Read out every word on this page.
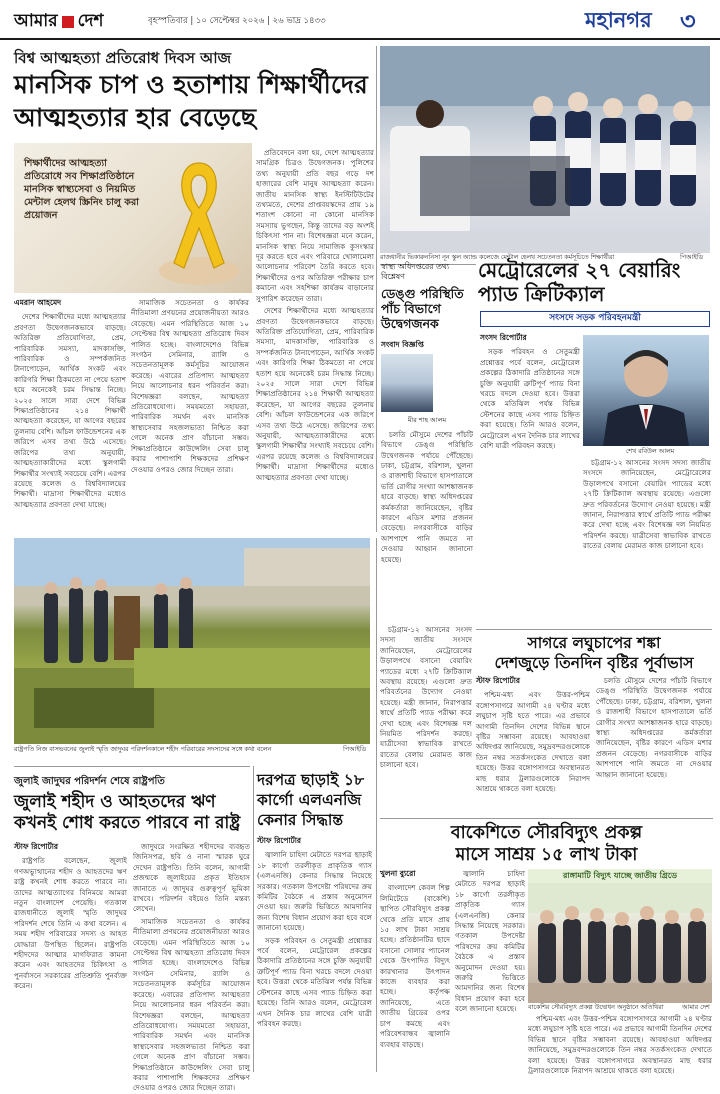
আমার দেশ	বৃহস্পতিবার | ১০ সেপ্টেম্বর ২০২৬ | ২৬ ভাদ্র ১৪৩৩	মহানগর ৩
বিশ্ব আত্মহত্যা প্রতিরোধ দিবস আজ
মানসিক চাপ ও হতাশায় শিক্ষার্থীদের
আত্মহত্যার হার বেড়েছে
শিক্ষার্থীদের আত্মহত্যা প্রতিরোধে সব শিক্ষাপ্রতিষ্ঠানে মানসিক স্বাস্থ্যসেবা ও নিয়মিত মেন্টাল হেলথ স্ক্রিনিং চালু করা প্রয়োজন
এমরান আহমেদ

দেশের শিক্ষার্থীদের মধ্যে আত্মহত্যার প্রবণতা উদ্বেগজনকভাবে বাড়ছে। অতিরিক্ত প্রতিযোগিতা, প্রেম, পারিবারিক সমস্যা, মাদকাসক্তি, পারিবারিক ও সম্পর্কজনিত টানাপোড়েন, আর্থিক সংকট এবং কারিগরি শিক্ষা ঠিকমতো না পেয়ে হতাশ হয়ে অনেকেই চরম সিদ্ধান্ত নিচ্ছে। ২০২৫ সালে সারা দেশে বিভিন্ন শিক্ষাপ্রতিষ্ঠানের ২১৪ শিক্ষার্থী আত্মহত্যা করেছেন, যা আগের বছরের তুলনায় বেশি। আঁচল ফাউন্ডেশনের এক জরিপে এসব তথ্য উঠে এসেছে। জরিপের তথ্য অনুযায়ী, আত্মহত্যাকারীদের মধ্যে স্কুলগামী শিক্ষার্থীর সংখ্যাই সবচেয়ে বেশি। এরপর রয়েছে কলেজ ও বিশ্ববিদ্যালয়ের শিক্ষার্থী। মাদ্রাসা শিক্ষার্থীদের মধ্যেও আত্মহত্যার প্রবণতা দেখা যাচ্ছে।

সামাজিক সচেতনতা ও কার্যকর নীতিমালা প্রণয়নের প্রয়োজনীয়তা আরও বেড়েছে। এমন পরিস্থিতিতে আজ ১০ সেপ্টেম্বর বিশ্ব আত্মহত্যা প্রতিরোধ দিবস পালিত হচ্ছে। বাংলাদেশেও বিভিন্ন সংগঠন সেমিনার, র‌্যালি ও সচেতনতামূলক কর্মসূচির আয়োজন করেছে। এবারের প্রতিপাদ্য আত্মহত্যা নিয়ে আলোচনার ধরন পরিবর্তন করা। বিশেষজ্ঞরা বলছেন, আত্মহত্যা প্রতিরোধযোগ্য। সময়মতো সহায়তা, পারিবারিক সমর্থন এবং মানসিক স্বাস্থ্যসেবার সহজলভ্যতা নিশ্চিত করা গেলে অনেক প্রাণ বাঁচানো সম্ভব। শিক্ষাপ্রতিষ্ঠানে কাউন্সেলিং সেবা চালু করার পাশাপাশি শিক্ষকদের প্রশিক্ষণ দেওয়ার ওপরও জোর দিচ্ছেন তারা।

প্রতিবেদনে বলা হয়, দেশে আত্মহত্যার সামগ্রিক চিত্রও উদ্বেগজনক। পুলিশের তথ্য অনুযায়ী প্রতি বছর গড়ে দশ হাজারের বেশি মানুষ আত্মহত্যা করেন। জাতীয় মানসিক স্বাস্থ্য ইনস্টিটিউটের তথ্যমতে, দেশের প্রাপ্তবয়স্কদের প্রায় ১৯ শতাংশ কোনো না কোনো মানসিক সমস্যায় ভুগছেন, কিন্তু তাদের বড় অংশই চিকিৎসা পান না। বিশেষজ্ঞরা মনে করেন, মানসিক স্বাস্থ্য নিয়ে সামাজিক কুসংস্কার দূর করতে হবে এবং পরিবারে খোলামেলা আলোচনার পরিবেশ তৈরি করতে হবে। শিক্ষার্থীদের ওপর অতিরিক্ত পরীক্ষার চাপ কমানো এবং সহশিক্ষা কার্যক্রম বাড়ানোর সুপারিশ করেছেন তারা।

দেশের শিক্ষার্থীদের মধ্যে আত্মহত্যার প্রবণতা উদ্বেগজনকভাবে বাড়ছে। অতিরিক্ত প্রতিযোগিতা, প্রেম, পারিবারিক সমস্যা, মাদকাসক্তি, পারিবারিক ও সম্পর্কজনিত টানাপোড়েন, আর্থিক সংকট এবং কারিগরি শিক্ষা ঠিকমতো না পেয়ে হতাশ হয়ে অনেকেই চরম সিদ্ধান্ত নিচ্ছে। ২০২৫ সালে সারা দেশে বিভিন্ন শিক্ষাপ্রতিষ্ঠানের ২১৪ শিক্ষার্থী আত্মহত্যা করেছেন, যা আগের বছরের তুলনায় বেশি। আঁচল ফাউন্ডেশনের এক জরিপে এসব তথ্য উঠে এসেছে। জরিপের তথ্য অনুযায়ী, আত্মহত্যাকারীদের মধ্যে স্কুলগামী শিক্ষার্থীর সংখ্যাই সবচেয়ে বেশি। এরপর রয়েছে কলেজ ও বিশ্ববিদ্যালয়ের শিক্ষার্থী। মাদ্রাসা শিক্ষার্থীদের মধ্যেও আত্মহত্যার প্রবণতা দেখা যাচ্ছে।

রাজধানীর ভিকারুননিসা নূন স্কুল অ্যান্ড কলেজে মেন্টাল হেলথ সচেতনতা কর্মসূচিতে শিক্ষার্থীরা	পিআইডি
স্বাস্থ্য অধিদপ্তরের তথ্য বিশ্লেষণ
ডেঙ্গু পরিস্থিতি পাঁচ বিভাগে উদ্বেগজনক
সংবাদ বিজ্ঞপ্তি
মীর শাহ আলম

চলতি মৌসুমে দেশের পাঁচটি বিভাগে ডেঙ্গু পরিস্থিতি উদ্বেগজনক পর্যায়ে পৌঁছেছে। ঢাকা, চট্টগ্রাম, বরিশাল, খুলনা ও রাজশাহী বিভাগে হাসপাতালে ভর্তি রোগীর সংখ্যা আশঙ্কাজনক হারে বাড়ছে। স্বাস্থ্য অধিদপ্তরের কর্মকর্তারা জানিয়েছেন, বৃষ্টির কারণে এডিস মশার প্রজনন বেড়েছে। নগরবাসীকে বাড়ির আশপাশে পানি জমতে না দেওয়ার আহ্বান জানানো হয়েছে।

মেট্রোরেলের ২৭ বেয়ারিং প্যাড ক্রিটিক্যাল
সংসদে সড়ক পরিবহনমন্ত্রী
সংসদ রিপোর্টার

সড়ক পরিবহন ও সেতুমন্ত্রী প্রশ্নোত্তর পর্বে বলেন, মেট্রোরেল প্রকল্পের ঠিকাদারি প্রতিষ্ঠানের সঙ্গে চুক্তি অনুযায়ী ত্রুটিপূর্ণ প্যাড বিনা খরচে বদলে দেওয়া হবে। উত্তরা থেকে মতিঝিল পর্যন্ত বিভিন্ন স্টেশনের কাছে এসব প্যাড চিহ্নিত করা হয়েছে। তিনি আরও বলেন, মেট্রোরেল এখন দৈনিক চার লাখের বেশি যাত্রী পরিবহন করছে।

শেখ রবিউল আলম

চট্টগ্রাম-১২ আসনের সংসদ সদস্য জাতীয় সংসদে জানিয়েছেন, মেট্রোরেলের উড়ালপথে বসানো বেয়ারিং প্যাডের মধ্যে ২৭টি ক্রিটিক্যাল অবস্থায় রয়েছে। এগুলো দ্রুত পরিবর্তনের উদ্যোগ নেওয়া হয়েছে। মন্ত্রী জানান, নিরাপত্তার স্বার্থে প্রতিটি প্যাড পরীক্ষা করে দেখা হচ্ছে এবং বিশেষজ্ঞ দল নিয়মিত পরিদর্শন করছে। যাত্রীসেবা স্বাভাবিক রাখতে রাতের বেলায় মেরামত কাজ চালানো হবে।

সাগরে লঘুচাপের শঙ্কা
দেশজুড়ে তিনদিন বৃষ্টির পূর্বাভাস
স্টাফ রিপোর্টার

পশ্চিম-মধ্য এবং উত্তর-পশ্চিম বঙ্গোপসাগরে আগামী ২৪ ঘণ্টার মধ্যে লঘুচাপ সৃষ্টি হতে পারে। এর প্রভাবে আগামী তিনদিন দেশের বিভিন্ন স্থানে বৃষ্টির সম্ভাবনা রয়েছে। আবহাওয়া অধিদপ্তর জানিয়েছে, সমুদ্রবন্দরগুলোকে তিন নম্বর সতর্কসংকেত দেখাতে বলা হয়েছে। উত্তর বঙ্গোপসাগরে অবস্থানরত মাছ ধরার ট্রলারগুলোকে নিরাপদ আশ্রয়ে থাকতে বলা হয়েছে।

চলতি মৌসুমে দেশের পাঁচটি বিভাগে ডেঙ্গু পরিস্থিতি উদ্বেগজনক পর্যায়ে পৌঁছেছে। ঢাকা, চট্টগ্রাম, বরিশাল, খুলনা ও রাজশাহী বিভাগে হাসপাতালে ভর্তি রোগীর সংখ্যা আশঙ্কাজনক হারে বাড়ছে। স্বাস্থ্য অধিদপ্তরের কর্মকর্তারা জানিয়েছেন, বৃষ্টির কারণে এডিস মশার প্রজনন বেড়েছে। নগরবাসীকে বাড়ির আশপাশে পানি জমতে না দেওয়ার আহ্বান জানানো হয়েছে।

চট্টগ্রাম-১২ আসনের সংসদ সদস্য জাতীয় সংসদে জানিয়েছেন, মেট্রোরেলের উড়ালপথে বসানো বেয়ারিং প্যাডের মধ্যে ২৭টি ক্রিটিক্যাল অবস্থায় রয়েছে। এগুলো দ্রুত পরিবর্তনের উদ্যোগ নেওয়া হয়েছে। মন্ত্রী জানান, নিরাপত্তার স্বার্থে প্রতিটি প্যাড পরীক্ষা করে দেখা হচ্ছে এবং বিশেষজ্ঞ দল নিয়মিত পরিদর্শন করছে। যাত্রীসেবা স্বাভাবিক রাখতে রাতের বেলায় মেরামত কাজ চালানো হবে।

রাষ্ট্রপতি নিজ বাসভবনের জুলাই স্মৃতি জাদুঘর পরিদর্শনকালে শহীদ পরিবারের সদস্যদের সঙ্গে কথা বলেন	পিআইডি
জুলাই জাদুঘর পরিদর্শন শেষে রাষ্ট্রপতি
জুলাই শহীদ ও আহতদের ঋণ কখনই শোধ করতে পারবে না রাষ্ট্র
স্টাফ রিপোর্টার

রাষ্ট্রপতি বলেছেন, জুলাই গণঅভ্যুত্থানের শহীদ ও আহতদের ঋণ রাষ্ট্র কখনই শোধ করতে পারবে না। তাদের আত্মত্যাগের বিনিময়ে আমরা নতুন বাংলাদেশ পেয়েছি। গতকাল রাজধানীতে জুলাই স্মৃতি জাদুঘর পরিদর্শন শেষে তিনি এ কথা বলেন। এ সময় শহীদ পরিবারের সদস্য ও আহত যোদ্ধারা উপস্থিত ছিলেন। রাষ্ট্রপতি শহীদদের আত্মার মাগফিরাত কামনা করেন এবং আহতদের চিকিৎসা ও পুনর্বাসনে সরকারের প্রতিশ্রুতি পুনর্ব্যক্ত করেন।

জাদুঘরে সংরক্ষিত শহীদদের ব্যবহৃত জিনিসপত্র, ছবি ও নানা স্মারক ঘুরে দেখেন রাষ্ট্রপতি। তিনি বলেন, আগামী প্রজন্মকে জুলাইয়ের প্রকৃত ইতিহাস জানাতে এ জাদুঘর গুরুত্বপূর্ণ ভূমিকা রাখবে। পরিদর্শন বইয়েও তিনি মন্তব্য লেখেন।

সামাজিক সচেতনতা ও কার্যকর নীতিমালা প্রণয়নের প্রয়োজনীয়তা আরও বেড়েছে। এমন পরিস্থিতিতে আজ ১০ সেপ্টেম্বর বিশ্ব আত্মহত্যা প্রতিরোধ দিবস পালিত হচ্ছে। বাংলাদেশেও বিভিন্ন সংগঠন সেমিনার, র‌্যালি ও সচেতনতামূলক কর্মসূচির আয়োজন করেছে। এবারের প্রতিপাদ্য আত্মহত্যা নিয়ে আলোচনার ধরন পরিবর্তন করা। বিশেষজ্ঞরা বলছেন, আত্মহত্যা প্রতিরোধযোগ্য। সময়মতো সহায়তা, পারিবারিক সমর্থন এবং মানসিক স্বাস্থ্যসেবার সহজলভ্যতা নিশ্চিত করা গেলে অনেক প্রাণ বাঁচানো সম্ভব। শিক্ষাপ্রতিষ্ঠানে কাউন্সেলিং সেবা চালু করার পাশাপাশি শিক্ষকদের প্রশিক্ষণ দেওয়ার ওপরও জোর দিচ্ছেন তারা।

দরপত্র ছাড়াই ১৮ কার্গো এলএনজি কেনার সিদ্ধান্ত
স্টাফ রিপোর্টার

জ্বালানি চাহিদা মেটাতে দরপত্র ছাড়াই ১৮ কার্গো তরলীকৃত প্রাকৃতিক গ্যাস (এলএনজি) কেনার সিদ্ধান্ত নিয়েছে সরকার। গতকাল উপদেষ্টা পরিষদের ক্রয় কমিটির বৈঠকে এ প্রস্তাব অনুমোদন দেওয়া হয়। জরুরি ভিত্তিতে আমদানির জন্য বিশেষ বিধান প্রয়োগ করা হবে বলে জানানো হয়েছে।

সড়ক পরিবহন ও সেতুমন্ত্রী প্রশ্নোত্তর পর্বে বলেন, মেট্রোরেল প্রকল্পের ঠিকাদারি প্রতিষ্ঠানের সঙ্গে চুক্তি অনুযায়ী ত্রুটিপূর্ণ প্যাড বিনা খরচে বদলে দেওয়া হবে। উত্তরা থেকে মতিঝিল পর্যন্ত বিভিন্ন স্টেশনের কাছে এসব প্যাড চিহ্নিত করা হয়েছে। তিনি আরও বলেন, মেট্রোরেল এখন দৈনিক চার লাখের বেশি যাত্রী পরিবহন করছে।

বাকেশিতে সৌরবিদ্যুৎ প্রকল্প
মাসে সাশ্রয় ১৫ লাখ টাকা
খুলনা ব্যুরো

বাংলাদেশ কেবল শিল্প লিমিটেডে (বাকেশি) স্থাপিত সৌরবিদ্যুৎ প্রকল্প থেকে প্রতি মাসে প্রায় ১৫ লাখ টাকা সাশ্রয় হচ্ছে। প্রতিষ্ঠানটির ছাদে বসানো সোলার প্যানেল থেকে উৎপাদিত বিদ্যুৎ কারখানার উৎপাদন কাজে ব্যবহার করা হচ্ছে। কর্তৃপক্ষ জানিয়েছে, এতে জাতীয় গ্রিডের ওপর চাপ কমছে এবং পরিবেশবান্ধব জ্বালানি ব্যবহার বাড়ছে।

জ্বালানি চাহিদা মেটাতে দরপত্র ছাড়াই ১৮ কার্গো তরলীকৃত প্রাকৃতিক গ্যাস (এলএনজি) কেনার সিদ্ধান্ত নিয়েছে সরকার। গতকাল উপদেষ্টা পরিষদের ক্রয় কমিটির বৈঠকে এ প্রস্তাব অনুমোদন দেওয়া হয়। জরুরি ভিত্তিতে আমদানির জন্য বিশেষ বিধান প্রয়োগ করা হবে বলে জানানো হয়েছে।

রাঙ্গামাটি বিদ্যুৎ যাচ্ছে জাতীয় গ্রিডে
বাকেশির সৌরবিদ্যুৎ প্রকল্প উদ্বোধন অনুষ্ঠানে অতিথিরা	আমার দেশ

পশ্চিম-মধ্য এবং উত্তর-পশ্চিম বঙ্গোপসাগরে আগামী ২৪ ঘণ্টার মধ্যে লঘুচাপ সৃষ্টি হতে পারে। এর প্রভাবে আগামী তিনদিন দেশের বিভিন্ন স্থানে বৃষ্টির সম্ভাবনা রয়েছে। আবহাওয়া অধিদপ্তর জানিয়েছে, সমুদ্রবন্দরগুলোকে তিন নম্বর সতর্কসংকেত দেখাতে বলা হয়েছে। উত্তর বঙ্গোপসাগরে অবস্থানরত মাছ ধরার ট্রলারগুলোকে নিরাপদ আশ্রয়ে থাকতে বলা হয়েছে।
